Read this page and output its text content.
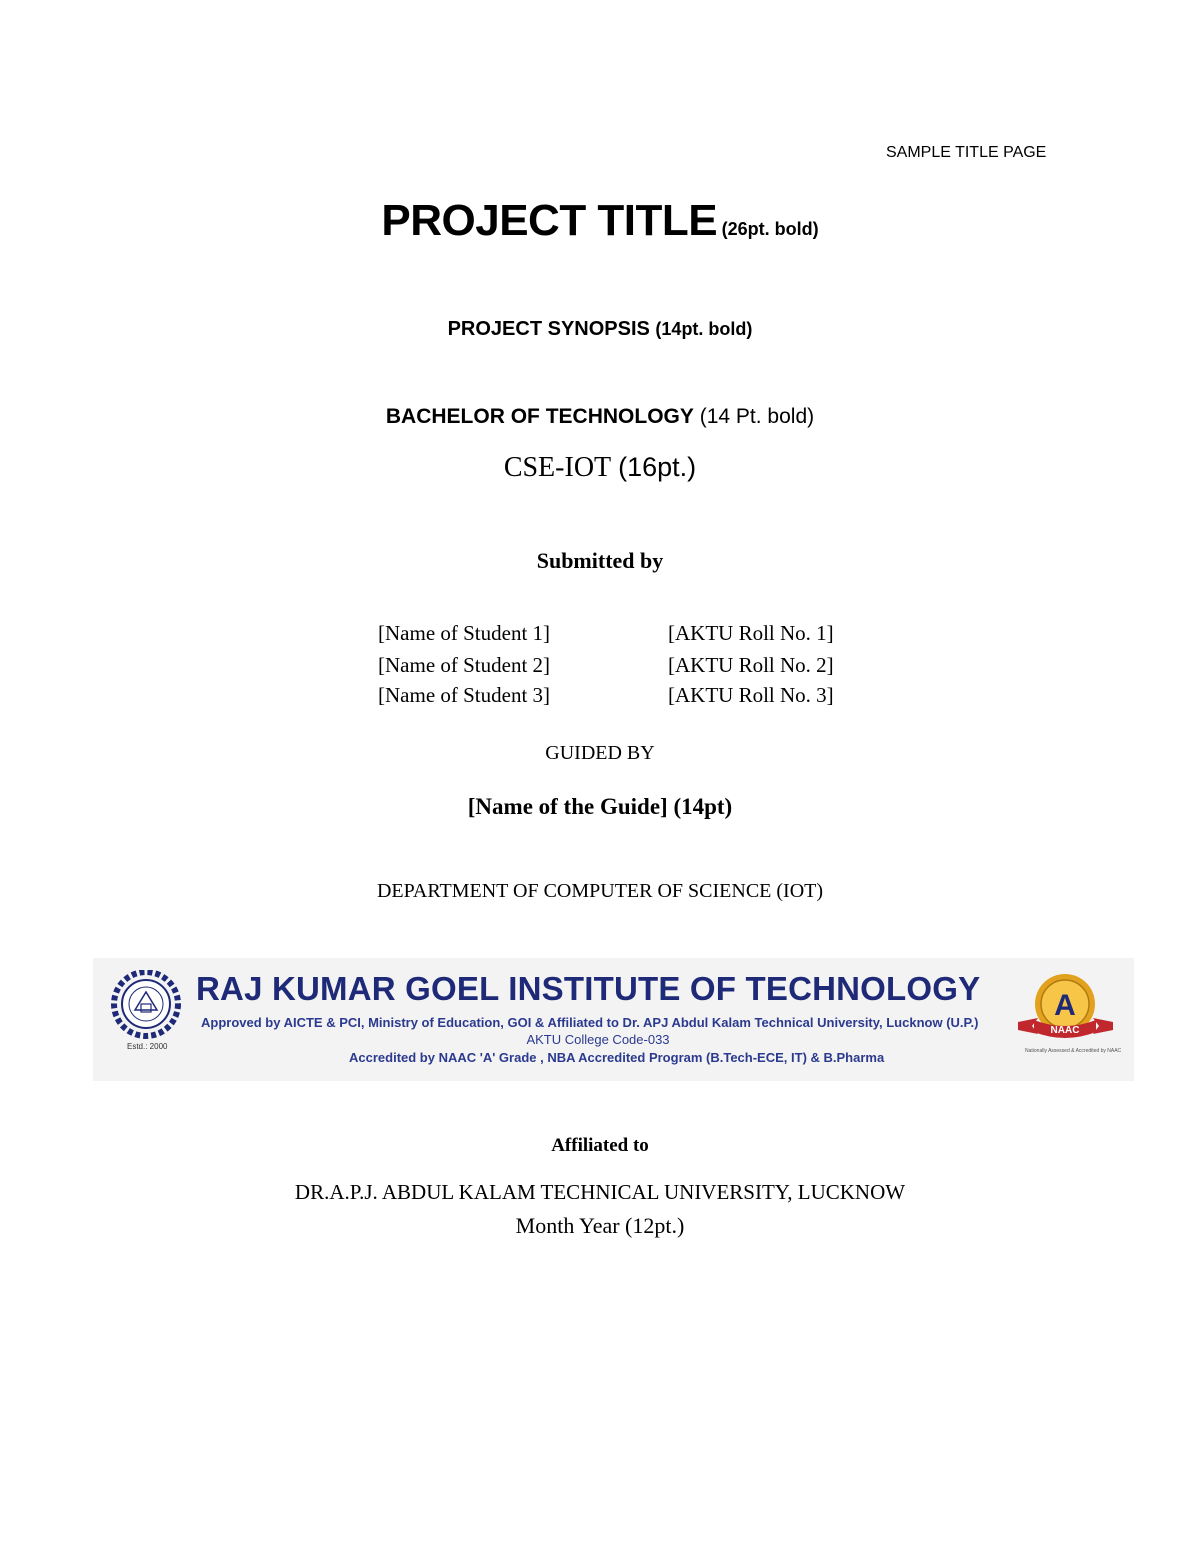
SAMPLE TITLE PAGE
PROJECT TITLE (26pt. bold)
PROJECT SYNOPSIS (14pt. bold)
BACHELOR OF TECHNOLOGY (14 Pt. bold)
CSE-IOT (16pt.)
Submitted by
[Name of Student 1]	[AKTU Roll No. 1]
[Name of Student 2]	[AKTU Roll No. 2]
[Name of Student 3]	[AKTU Roll No. 3]
GUIDED BY
[Name of the Guide] (14pt)
DEPARTMENT OF COMPUTER OF SCIENCE (IOT)
Estd.: 2000
RAJ KUMAR GOEL INSTITUTE OF TECHNOLOGY
Approved by AICTE & PCI, Ministry of Education, GOI & Affiliated to Dr. APJ Abdul Kalam Technical University, Lucknow (U.P.)
AKTU College Code-033
Accredited by NAAC 'A' Grade , NBA Accredited Program (B.Tech-ECE, IT) & B.Pharma
A
NAAC
Nationally Assessed & Accredited by NAAC
Affiliated to
DR.A.P.J. ABDUL KALAM TECHNICAL UNIVERSITY, LUCKNOW
Month Year (12pt.)
